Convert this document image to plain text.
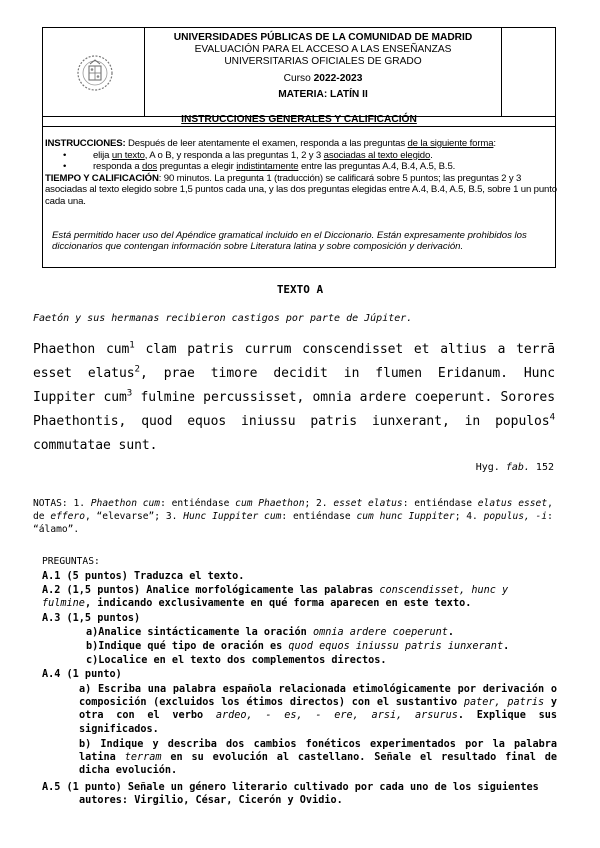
UNIVERSIDADES PÚBLICAS DE LA COMUNIDAD DE MADRID
EVALUACIÓN PARA EL ACCESO A LAS ENSEÑANZAS
UNIVERSITARIAS OFICIALES DE GRADO
Curso 2022-2023
MATERIA: LATÍN II
INSTRUCCIONES GENERALES Y CALIFICACIÓN
INSTRUCCIONES: Después de leer atentamente el examen, responda a las preguntas de la siguiente forma:
• elija un texto, A o B, y responda a las preguntas 1, 2 y 3 asociadas al texto elegido.
• responda a dos preguntas a elegir indistintamente entre las preguntas A.4, B.4, A.5, B.5.
TIEMPO Y CALIFICACIÓN: 90 minutos. La pregunta 1 (traducción) se calificará sobre 5 puntos; las preguntas 2 y 3 asociadas al texto elegido sobre 1,5 puntos cada una, y las dos preguntas elegidas entre A.4, B.4, A.5, B.5, sobre 1 un punto cada una.
Está permitido hacer uso del Apéndice gramatical incluido en el Diccionario. Están expresamente prohibidos los diccionarios que contengan información sobre Literatura latina y sobre composición y derivación.
TEXTO A
Faetón y sus hermanas recibieron castigos por parte de Júpiter.
Phaethon cum$^1$ clam patris currum conscendisset et altius a terrā esset elatus$^2$, prae timore decidit in flumen Eridanum. Hunc Iuppiter cum$^3$ fulmine percussisset, omnia ardere coeperunt. Sorores Phaethontis, quod equos iniussu patris iunxerant, in populos$^4$ commutatae sunt.
Hyg. fab. 152
NOTAS: 1. Phaethon cum: entiéndase cum Phaethon; 2. esset elatus: entiéndase elatus esset, de effero, “elevarse”; 3. Hunc Iuppiter cum: entiéndase cum hunc Iuppiter; 4. populus, -i: “álamo”.
PREGUNTAS:
A.1 (5 puntos) Traduzca el texto.
A.2 (1,5 puntos) Analice morfológicamente las palabras conscendisset, hunc y fulmine, indicando exclusivamente en qué forma aparecen en este texto.
A.3 (1,5 puntos)
a)Analice sintácticamente la oración omnia ardere coeperunt.
b)Indique qué tipo de oración es quod equos iniussu patris iunxerant.
c)Localice en el texto dos complementos directos.
A.4 (1 punto)
a) Escriba una palabra española relacionada etimológicamente por derivación o composición (excluidos los étimos directos) con el sustantivo pater, patris y otra con el verbo ardeo, - es, - ere, arsi, arsurus. Explique sus significados.
b) Indique y describa dos cambios fonéticos experimentados por la palabra latina terram en su evolución al castellano. Señale el resultado final de dicha evolución.
A.5 (1 punto) Señale un género literario cultivado por cada uno de los siguientes autores: Virgilio, César, Cicerón y Ovidio.
